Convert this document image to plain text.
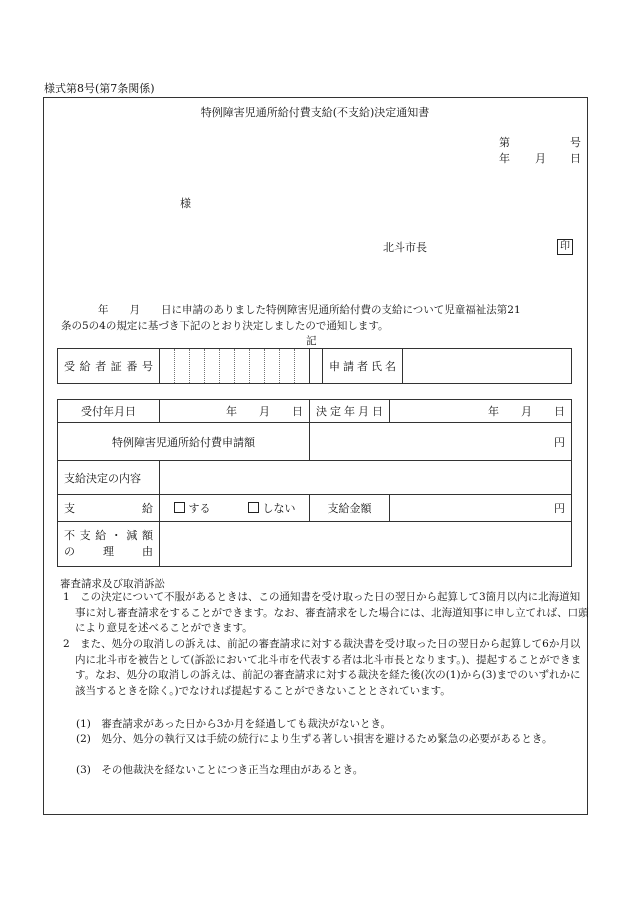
様式第8号(第7条関係)
特例障害児通所給付費支給(不支給)決定通知書
第	号
年 月 日
様
北斗市長	印
年　　月　　日に申請のありました特例障害児通所給付費の支給について児童福祉法第21
条の5の4の規定に基づき下記のとおり決定しましたので通知します。
記
受給者証番号			申請者氏名	
受付年月日	年　　月　　日	決定年月日	年　　月　　日
特例障害児通所給付費申請額		円	
支給決定の内容			
支　　　　　給	する しない	支給金額	円

不支給・減額
の　　理　　由			

審査請求及び取消訴訟
1　この決定について不服があるときは、この通知書を受け取った日の翌日から起算して3箇月以内に北海道知事に対し審査請求をすることができます。なお、審査請求をした場合には、北海道知事に申し立てれば、口頭により意見を述べることができます。
2　また、処分の取消しの訴えは、前記の審査請求に対する裁決書を受け取った日の翌日から起算して6か月以内に北斗市を被告として(訴訟において北斗市を代表する者は北斗市長となります。)、提起することができます。なお、処分の取消しの訴えは、前記の審査請求に対する裁決を経た後(次の(1)から(3)までのいずれかに該当するときを除く。)でなければ提起することができないこととされています。
(1)　審査請求があった日から3か月を経過しても裁決がないとき。
(2)　処分、処分の執行又は手続の続行により生ずる著しい損害を避けるため緊急の必要があるとき。
(3)　その他裁決を経ないことにつき正当な理由があるとき。
